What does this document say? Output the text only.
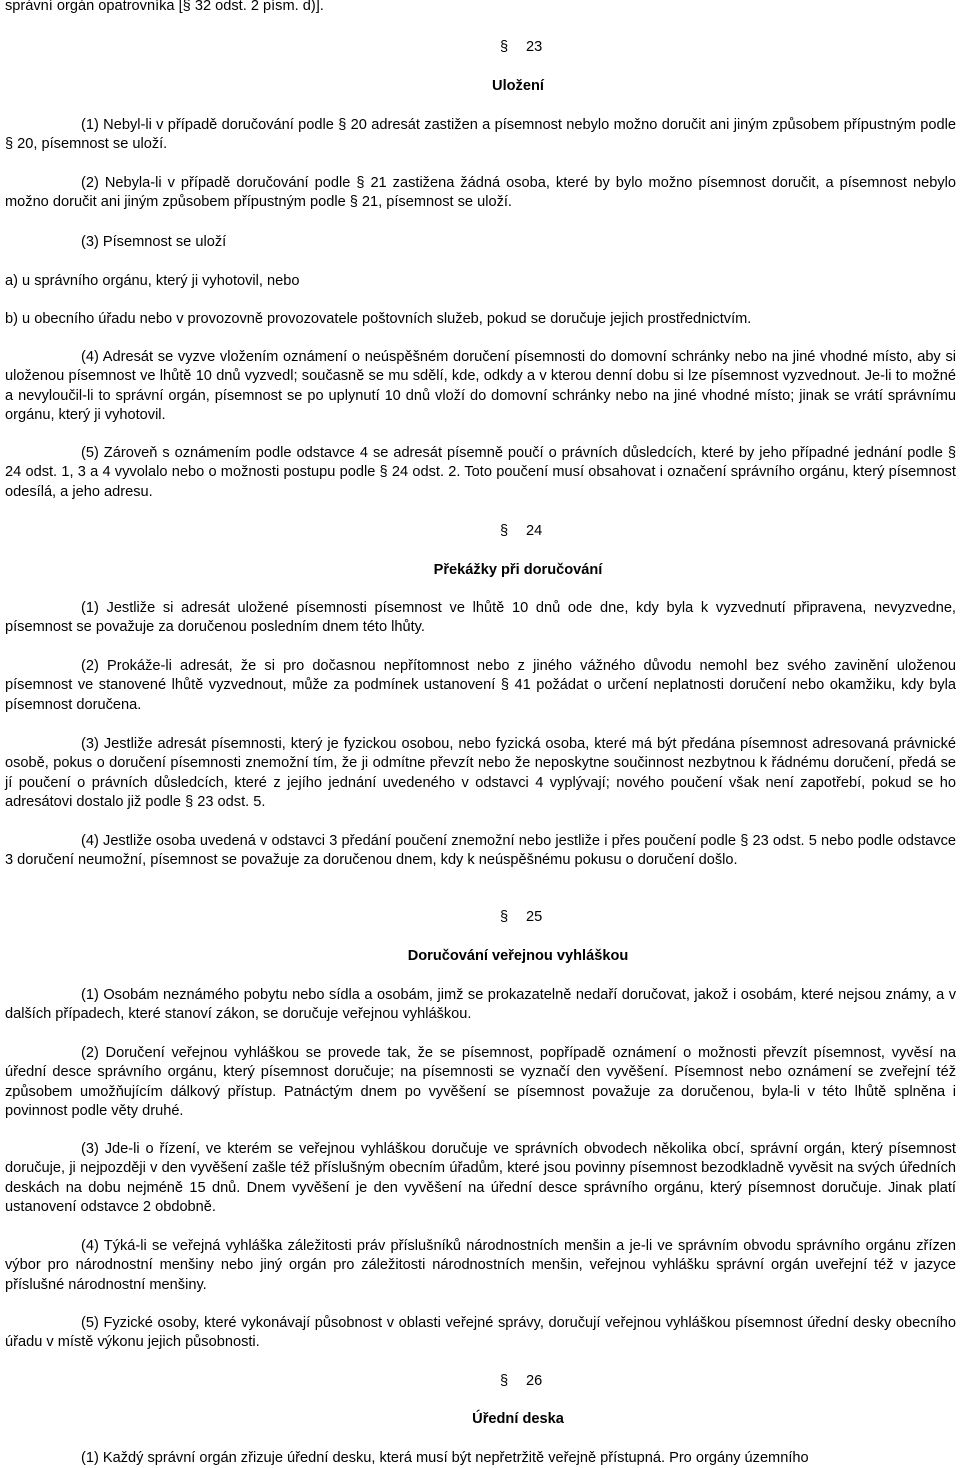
správní orgán opatrovníka [§ 32 odst. 2 písm. d)].

§ 23

Uložení

(1) Nebyl-li v případě doručování podle § 20 adresát zastižen a písemnost nebylo možno doručit ani jiným způsobem přípustným podle § 20, písemnost se uloží.

(2) Nebyla-li v případě doručování podle § 21 zastižena žádná osoba, které by bylo možno písemnost doručit, a písemnost nebylo možno doručit ani jiným způsobem přípustným podle § 21, písemnost se uloží.

(3) Písemnost se uloží

a) u správního orgánu, který ji vyhotovil, nebo

b) u obecního úřadu nebo v provozovně provozovatele poštovních služeb, pokud se doručuje jejich prostřednictvím.

(4) Adresát se vyzve vložením oznámení o neúspěšném doručení písemnosti do domovní schránky nebo na jiné vhodné místo, aby si uloženou písemnost ve lhůtě 10 dnů vyzvedl; současně se mu sdělí, kde, odkdy a v kterou denní dobu si lze písemnost vyzvednout. Je-li to možné a nevyloučil-li to správní orgán, písemnost se po uplynutí 10 dnů vloží do domovní schránky nebo na jiné vhodné místo; jinak se vrátí správnímu orgánu, který ji vyhotovil.

(5) Zároveň s oznámením podle odstavce 4 se adresát písemně poučí o právních důsledcích, které by jeho případné jednání podle § 24 odst. 1, 3 a 4 vyvolalo nebo o možnosti postupu podle § 24 odst. 2. Toto poučení musí obsahovat i označení správního orgánu, který písemnost odesílá, a jeho adresu.

§ 24

Překážky při doručování

(1) Jestliže si adresát uložené písemnosti písemnost ve lhůtě 10 dnů ode dne, kdy byla k vyzvednutí připravena, nevyzvedne, písemnost se považuje za doručenou posledním dnem této lhůty.

(2) Prokáže-li adresát, že si pro dočasnou nepřítomnost nebo z jiného vážného důvodu nemohl bez svého zavinění uloženou písemnost ve stanovené lhůtě vyzvednout, může za podmínek ustanovení § 41 požádat o určení neplatnosti doručení nebo okamžiku, kdy byla písemnost doručena.

(3) Jestliže adresát písemnosti, který je fyzickou osobou, nebo fyzická osoba, které má být předána písemnost adresovaná právnické osobě, pokus o doručení písemnosti znemožní tím, že ji odmítne převzít nebo že neposkytne součinnost nezbytnou k řádnému doručení, předá se jí poučení o právních důsledcích, které z jejího jednání uvedeného v odstavci 4 vyplývají; nového poučení však není zapotřebí, pokud se ho adresátovi dostalo již podle § 23 odst. 5.

(4) Jestliže osoba uvedená v odstavci 3 předání poučení znemožní nebo jestliže i přes poučení podle § 23 odst. 5 nebo podle odstavce 3 doručení neumožní, písemnost se považuje za doručenou dnem, kdy k neúspěšnému pokusu o doručení došlo.

§ 25

Doručování veřejnou vyhláškou

(1) Osobám neznámého pobytu nebo sídla a osobám, jimž se prokazatelně nedaří doručovat, jakož i osobám, které nejsou známy, a v dalších případech, které stanoví zákon, se doručuje veřejnou vyhláškou.

(2) Doručení veřejnou vyhláškou se provede tak, že se písemnost, popřípadě oznámení o možnosti převzít písemnost, vyvěsí na úřední desce správního orgánu, který písemnost doručuje; na písemnosti se vyznačí den vyvěšení. Písemnost nebo oznámení se zveřejní též způsobem umožňujícím dálkový přístup. Patnáctým dnem po vyvěšení se písemnost považuje za doručenou, byla-li v této lhůtě splněna i povinnost podle věty druhé.

(3) Jde-li o řízení, ve kterém se veřejnou vyhláškou doručuje ve správních obvodech několika obcí, správní orgán, který písemnost doručuje, ji nejpozději v den vyvěšení zašle též příslušným obecním úřadům, které jsou povinny písemnost bezodkladně vyvěsit na svých úředních deskách na dobu nejméně 15 dnů. Dnem vyvěšení je den vyvěšení na úřední desce správního orgánu, který písemnost doručuje. Jinak platí ustanovení odstavce 2 obdobně.

(4) Týká-li se veřejná vyhláška záležitosti práv příslušníků národnostních menšin a je-li ve správním obvodu správního orgánu zřízen výbor pro národnostní menšiny nebo jiný orgán pro záležitosti národnostních menšin, veřejnou vyhlášku správní orgán uveřejní též v jazyce příslušné národnostní menšiny.

(5) Fyzické osoby, které vykonávají působnost v oblasti veřejné správy, doručují veřejnou vyhláškou písemnost úřední desky obecního úřadu v místě výkonu jejich působnosti.

§ 26

Úřední deska

(1) Každý správní orgán zřizuje úřední desku, která musí být nepřetržitě veřejně přístupná. Pro orgány územního
